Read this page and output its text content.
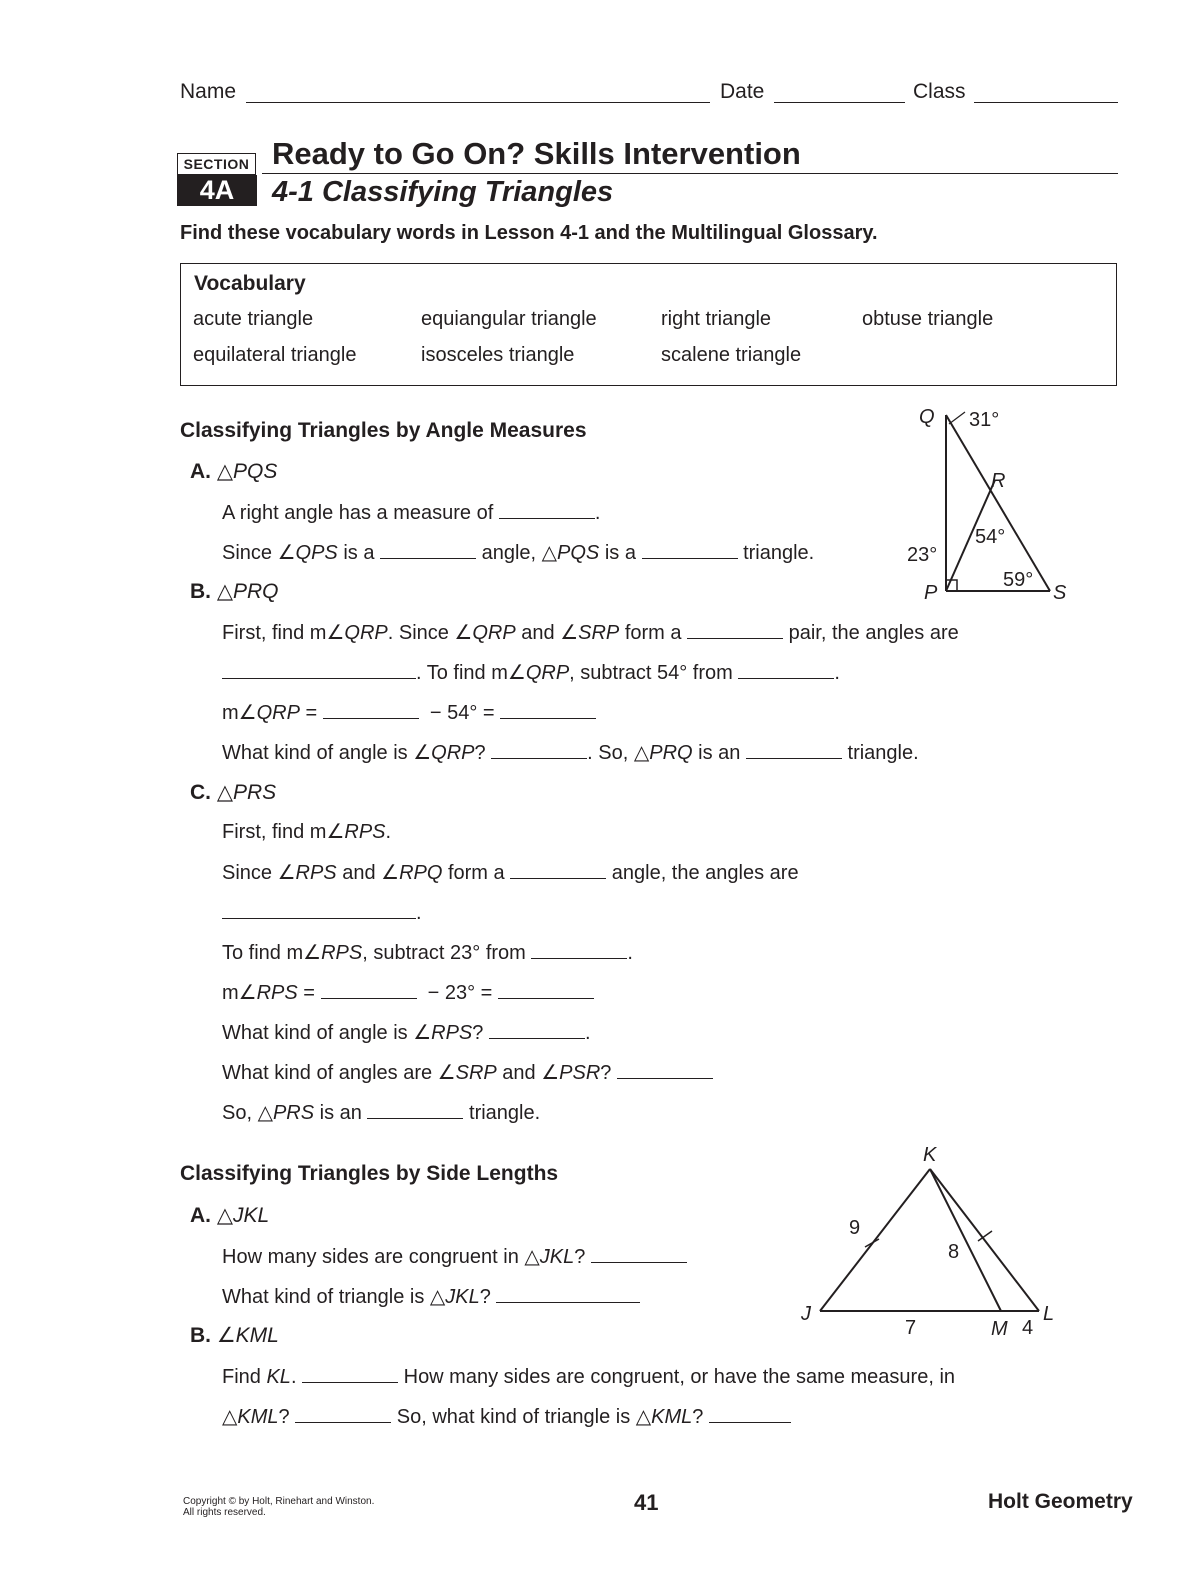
Name	Date	Class
SECTION
4A
Ready to Go On? Skills Intervention
4-1 Classifying Triangles
Find these vocabulary words in Lesson 4-1 and the Multilingual Glossary.
Vocabulary
acute triangle	equiangular triangle	right triangle	obtuse triangle
equilateral triangle	isosceles triangle	scalene triangle
Classifying Triangles by Angle Measures
A. △PQS
A right angle has a measure of	.
Since ∠QPS is a	angle, △PQS is a	triangle.
B. △PRQ
First, find m∠QRP. Since ∠QRP and ∠SRP form a	pair, the angles are
. To find m∠QRP, subtract 54° from	.
m∠QRP =	− 54° =
What kind of angle is ∠QRP?	. So, △PRQ is an	triangle.
C. △PRS
First, find m∠RPS.
Since ∠RPS and ∠RPQ form a	angle, the angles are
.
To find m∠RPS, subtract 23° from	.
m∠RPS =	− 23° =
What kind of angle is ∠RPS?	.
What kind of angles are ∠SRP and ∠PSR?
So, △PRS is an	triangle.
Classifying Triangles by Side Lengths
A. △JKL
How many sides are congruent in △JKL?
What kind of triangle is △JKL?
B. ∠KML
Find KL.	How many sides are congruent, or have the same measure, in
△KML?	So, what kind of triangle is △KML?
Q
R
P	S
31°
54°
23°
59°
K
J	L
M
9
8
7	4
Copyright © by Holt, Rinehart and Winston.
All rights reserved.	41	Holt Geometry
